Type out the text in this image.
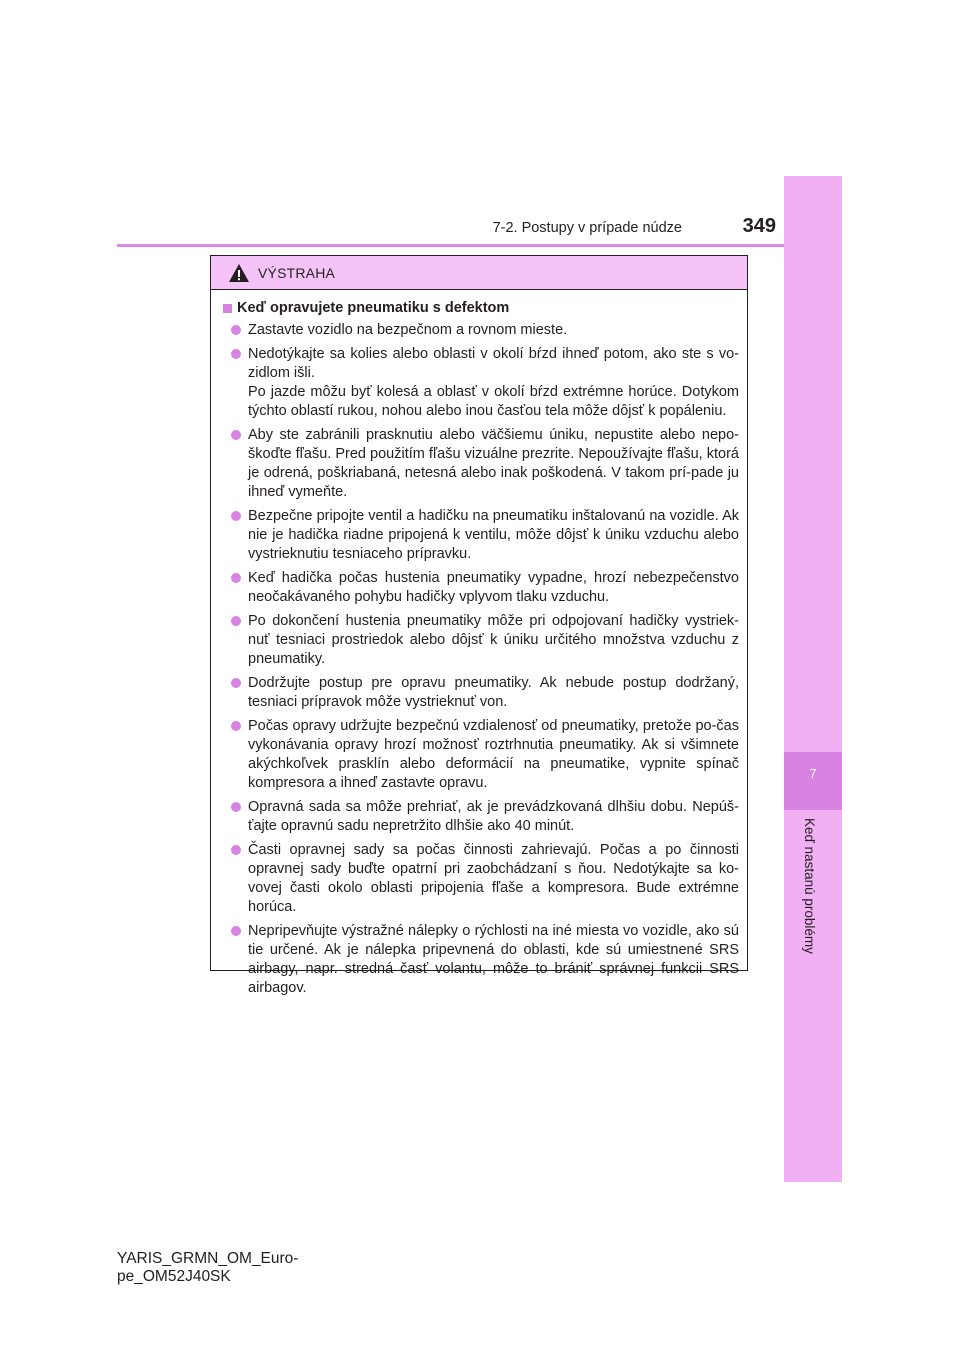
7-2. Postupy v prípade núdze	349
7
Keď nastanú problémy
VÝSTRAHA
Keď opravujete pneumatiku s defektom
Zastavte vozidlo na bezpečnom a rovnom mieste.
Nedotýkajte sa kolies alebo oblasti v okolí bŕzd ihneď potom, ako ste s vo-zidlom išli.
Po jazde môžu byť kolesá a oblasť v okolí bŕzd extrémne horúce. Dotykom týchto oblastí rukou, nohou alebo inou časťou tela môže dôjsť k popáleniu.
Aby ste zabránili prasknutiu alebo väčšiemu úniku, nepustite alebo nepo-škoďte fľašu. Pred použitím fľašu vizuálne prezrite. Nepoužívajte fľašu, ktorá je odrená, poškriabaná, netesná alebo inak poškodená. V takom prí-pade ju ihneď vymeňte.
Bezpečne pripojte ventil a hadičku na pneumatiku inštalovanú na vozidle. Ak nie je hadička riadne pripojená k ventilu, môže dôjsť k úniku vzduchu alebo vystrieknutiu tesniaceho prípravku.
Keď hadička počas hustenia pneumatiky vypadne, hrozí nebezpečenstvo neočakávaného pohybu hadičky vplyvom tlaku vzduchu.
Po dokončení hustenia pneumatiky môže pri odpojovaní hadičky vystriek-nuť tesniaci prostriedok alebo dôjsť k úniku určitého množstva vzduchu z pneumatiky.
Dodržujte postup pre opravu pneumatiky. Ak nebude postup dodržaný, tesniaci prípravok môže vystrieknuť von.
Počas opravy udržujte bezpečnú vzdialenosť od pneumatiky, pretože po-čas vykonávania opravy hrozí možnosť roztrhnutia pneumatiky. Ak si všimnete akýchkoľvek prasklín alebo deformácií na pneumatike, vypnite spínač kompresora a ihneď zastavte opravu.
Opravná sada sa môže prehriať, ak je prevádzkovaná dlhšiu dobu. Nepúš-ťajte opravnú sadu nepretržito dlhšie ako 40 minút.
Časti opravnej sady sa počas činnosti zahrievajú. Počas a po činnosti opravnej sady buďte opatrní pri zaobchádzaní s ňou. Nedotýkajte sa ko-vovej časti okolo oblasti pripojenia fľaše a kompresora. Bude extrémne horúca.
Nepripevňujte výstražné nálepky o rýchlosti na iné miesta vo vozidle, ako sú tie určené. Ak je nálepka pripevnená do oblasti, kde sú umiestnené SRS airbagy, napr. stredná časť volantu, môže to brániť správnej funkcii SRS airbagov.
YARIS_GRMN_OM_Euro-
pe_OM52J40SK
